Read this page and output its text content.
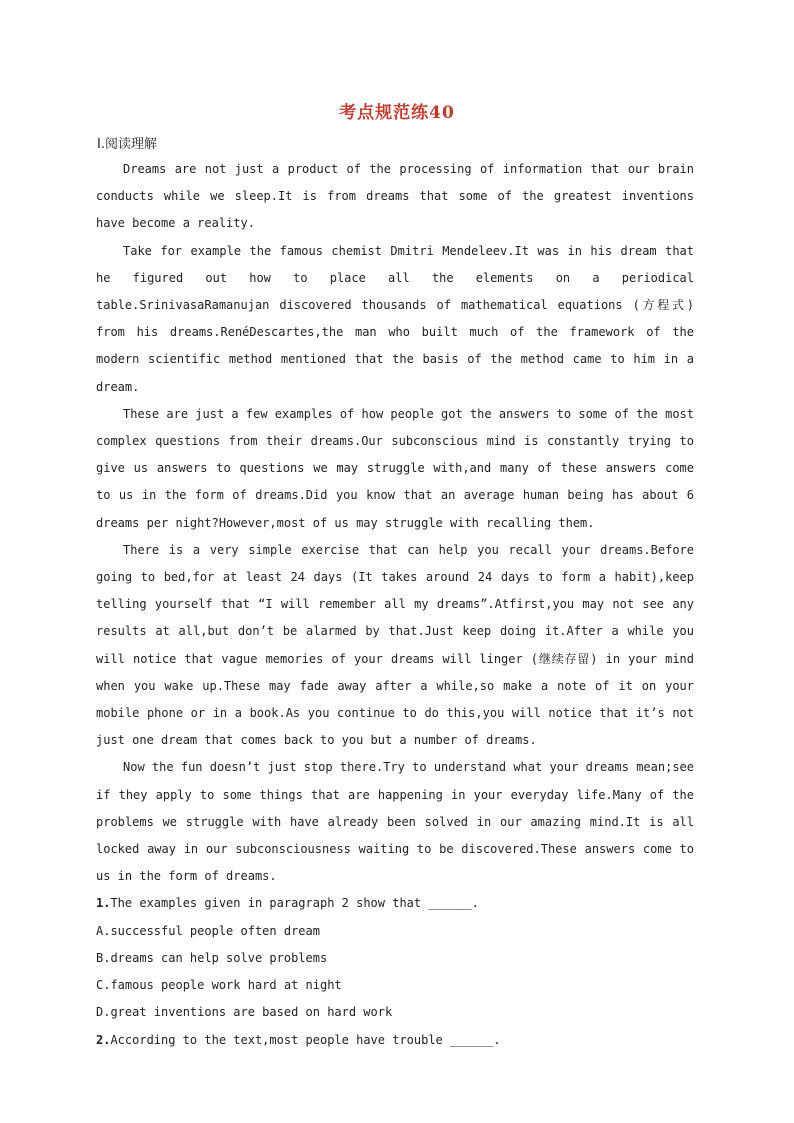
考点规范练40
Ⅰ.阅读理解

Dreams are not just a product of the processing of information that our brain conducts while we sleep.It is from dreams that some of the greatest inventions have become a reality.

Take for example the famous chemist Dmitri Mendeleev.It was in his dream that he figured out how to place all the elements on a periodical table.SrinivasaRamanujan discovered thousands of mathematical equations (方程式) from his dreams.RenéDescartes,the man who built much of the framework of the modern scientific method mentioned that the basis of the method came to him in a dream.

These are just a few examples of how people got the answers to some of the most complex questions from their dreams.Our subconscious mind is constantly trying to give us answers to questions we may struggle with,and many of these answers come to us in the form of dreams.Did you know that an average human being has about 6 dreams per night?However,most of us may struggle with recalling them.

There is a very simple exercise that can help you recall your dreams.Before going to bed,for at least 24 days (It takes around 24 days to form a habit),keep telling yourself that “I will remember all my dreams”.Atfirst,you may not see any results at all,but don’t be alarmed by that.Just keep doing it.After a while you will notice that vague memories of your dreams will linger (继续存留) in your mind when you wake up.These may fade away after a while,so make a note of it on your mobile phone or in a book.As you continue to do this,you will notice that it’s not just one dream that comes back to you but a number of dreams.

Now the fun doesn’t just stop there.Try to understand what your dreams mean;see if they apply to some things that are happening in your everyday life.Many of the problems we struggle with have already been solved in our amazing mind.It is all locked away in our subconsciousness waiting to be discovered.These answers come to us in the form of dreams.

1.The examples given in paragraph 2 show that ______.

A.successful people often dream

B.dreams can help solve problems

C.famous people work hard at night

D.great inventions are based on hard work

2.According to the text,most people have trouble ______.
